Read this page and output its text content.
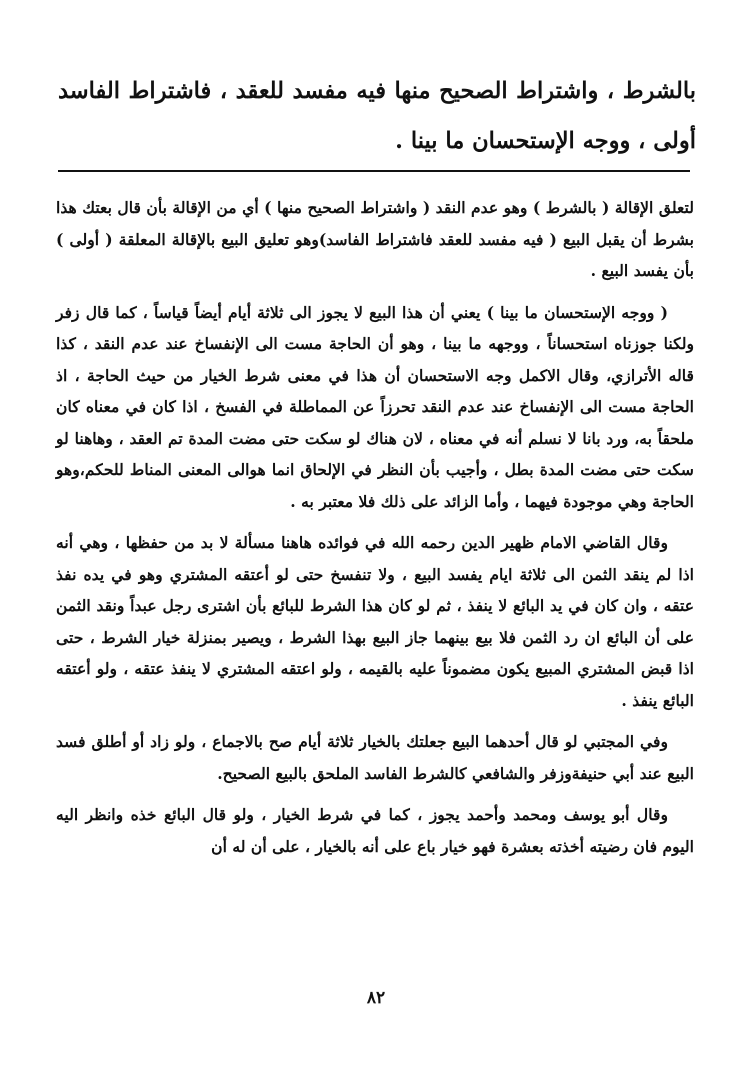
بالشرط ، واشتراط الصحيح منها فيه مفسد للعقد ، فاشتراط الفاسد أولى ، ووجه الإستحسان ما بينا .

لتعلق الإقالة ( بالشرط ) وهو عدم النقد ( واشتراط الصحيح منها ) أي من الإقالة بأن قال بعتك هذا بشرط أن يقبل البيع ( فيه مفسد للعقد فاشتراط الفاسد)وهو تعليق البيع بالإقالة المعلقة ( أولى ) بأن يفسد البيع .

( ووجه الإستحسان ما بينا ) يعني أن هذا البيع لا يجوز الى ثلاثة أيام أيضاً قياساً ، كما قال زفر ولكنا جوزناه استحساناً ، ووجهه ما بينا ، وهو أن الحاجة مست الى الإنفساخ عند عدم النقد ، كذا قاله الأترازي، وقال الاكمل وجه الاستحسان أن هذا في معنى شرط الخيار من حيث الحاجة ، اذ الحاجة مست الى الإنفساخ عند عدم النقد تحرزاً عن المماطلة في الفسخ ، اذا كان في معناه كان ملحقاً به، ورد بانا لا نسلم أنه في معناه ، لان هناك لو سكت حتى مضت المدة تم العقد ، وهاهنا لو سكت حتى مضت المدة بطل ، وأجيب بأن النظر في الإلحاق انما هوالى المعنى المناط للحكم،وهو الحاجة وهي موجودة فيهما ، وأما الزائد على ذلك فلا معتبر به .

وقال القاضي الامام ظهير الدين رحمه الله في فوائده هاهنا مسألة لا بد من حفظها ، وهي أنه اذا لم ينقد الثمن الى ثلاثة ايام يفسد البيع ، ولا تنفسخ حتى لو أعتقه المشتري وهو في يده نفذ عتقه ، وان كان في يد البائع لا ينفذ ، ثم لو كان هذا الشرط للبائع بأن اشترى رجل عبداً ونقد الثمن على أن البائع ان رد الثمن فلا بيع بينهما جاز البيع بهذا الشرط ، ويصير بمنزلة خيار الشرط ، حتى اذا قبض المشتري المبيع يكون مضموناً عليه بالقيمه ، ولو اعتقه المشتري لا ينفذ عتقه ، ولو أعتقه البائع ينفذ .

وفي المجتبي لو قال أحدهما البيع جعلتك بالخيار ثلاثة أيام صح بالاجماع ، ولو زاد أو أطلق فسد البيع عند أبي حنيفةوزفر والشافعي كالشرط الفاسد الملحق بالبيع الصحيح.

وقال أبو يوسف ومحمد وأحمد يجوز ، كما في شرط الخيار ، ولو قال البائع خذه وانظر اليه اليوم فان رضيته أخذته بعشرة فهو خيار باع على أنه بالخيار ، على أن له أن

٨٢
